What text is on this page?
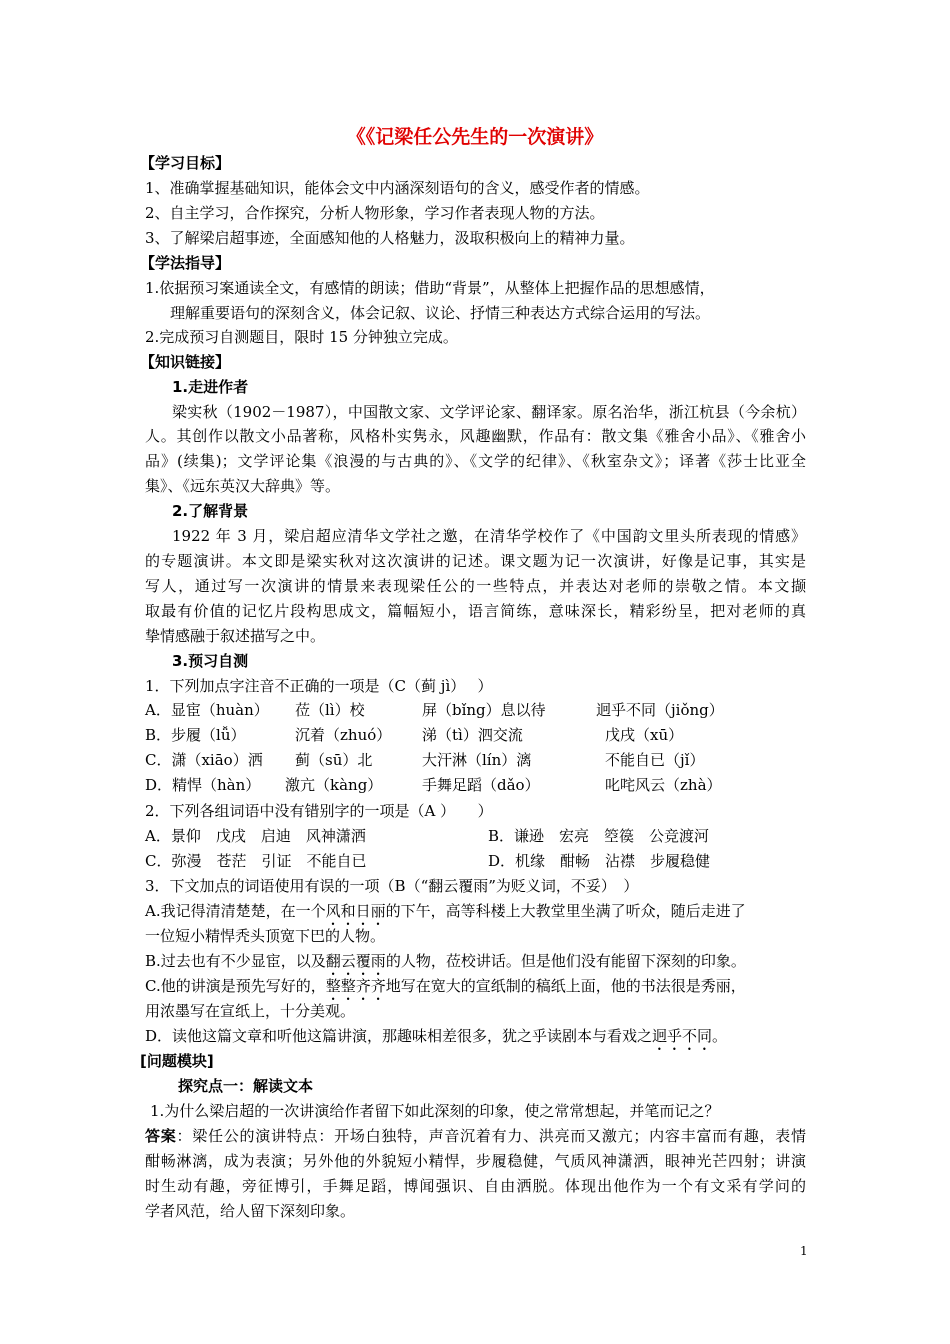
《《记梁任公先生的一次演讲》
【学习目标】
1、准确掌握基础知识，能体会文中内涵深刻语句的含义，感受作者的情感。
2、自主学习，合作探究，分析人物形象，学习作者表现人物的方法。
3、了解梁启超事迹，全面感知他的人格魅力，汲取积极向上的精神力量。
【学法指导】
1.依据预习案通读全文，有感情的朗读；借助“背景”，从整体上把握作品的思想感情，
理解重要语句的深刻含义，体会记叙、议论、抒情三种表达方式综合运用的写法。
2.完成预习自测题目，限时 15 分钟独立完成。
【知识链接】
1.走进作者
梁实秋（1902－1987），中国散文家、文学评论家、翻译家。原名治华，浙江杭县（今余杭）
人。其创作以散文小品著称，风格朴实隽永，风趣幽默，作品有：散文集《雅舍小品》、《雅舍小
品》(续集)；文学评论集《浪漫的与古典的》、《文学的纪律》、《秋室杂文》；译著《莎士比亚全
集》、《远东英汉大辞典》等。
2.了解背景
1922 年 3 月，梁启超应清华文学社之邀，在清华学校作了《中国韵文里头所表现的情感》
的专题演讲。本文即是梁实秋对这次演讲的记述。课文题为记一次演讲，好像是记事，其实是
写人，通过写一次演讲的情景来表现梁任公的一些特点，并表达对老师的崇敬之情。本文撷
取最有价值的记忆片段构思成文，篇幅短小，语言简练，意味深长，精彩纷呈，把对老师的真
挚情感融于叙述描写之中。
3.预习自测
1．下列加点字注音不正确的一项是（C（蓟 jì）　 ）
A．显宦（huàn） 莅（lì）校	屏（bǐng）息以待	迥乎不同（jiǒng）
B．步履（lǚ）	沉着（zhuó） 涕（tì）泗交流	戊戌（xū）
C．潇（xiāo）洒 蓟（sū）北	大汗淋（lín）漓	不能自已（jǐ）
D．精悍（hàn） 激亢（kàng）	手舞足蹈（dǎo）	叱咤风云（zhà）
2．下列各组词语中没有错别字的一项是（A ）　　）
A．景仰　戊戌　启迪　风神潇洒	B．谦逊　宏亮　箜篌　公竞渡河
C．弥漫　苍茫　引证　不能自已	D．机缘　酣畅　沾襟　步履稳健
3．下文加点的词语使用有误的一项（B（“翻云覆雨”为贬义词，不妥）　）
A.我记得清清楚楚，在一个风和日丽的下午，高等科楼上大教堂里坐满了听众，随后走进了
一位短小精悍秃头顶宽下巴的人物。
B.过去也有不少显宦，以及翻云覆雨的人物，莅校讲话。但是他们没有能留下深刻的印象。
C.他的讲演是预先写好的，整整齐齐地写在宽大的宣纸制的稿纸上面，他的书法很是秀丽，
用浓墨写在宣纸上，十分美观。
D．读他这篇文章和听他这篇讲演，那趣味相差很多，犹之乎读剧本与看戏之迥乎不同。
[问题模块]
探究点一：解读文本
1.为什么梁启超的一次讲演给作者留下如此深刻的印象，使之常常想起，并笔而记之？
答案：梁任公的演讲特点：开场白独特，声音沉着有力、洪亮而又激亢；内容丰富而有趣，表情
酣畅淋漓，成为表演；另外他的外貌短小精悍，步履稳健，气质风神潇洒，眼神光芒四射；讲演
时生动有趣，旁征博引，手舞足蹈，博闻强识、自由洒脱。体现出他作为一个有文采有学问的
学者风范，给人留下深刻印象。
1
